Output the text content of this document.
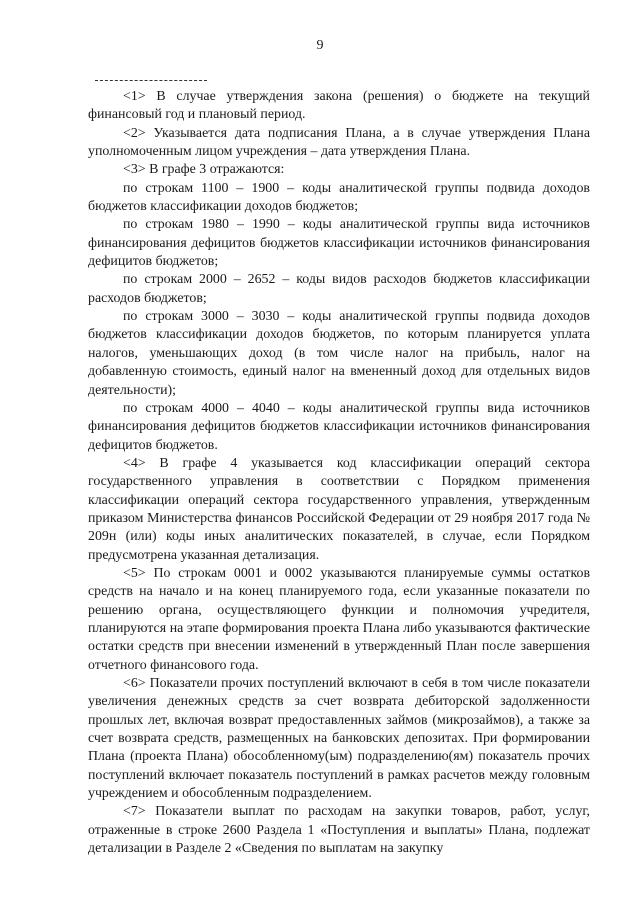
9

<1> В случае утверждения закона (решения) о бюджете на текущий финансовый год и плановый период.

<2> Указывается дата подписания Плана, а в случае утверждения Плана уполномоченным лицом учреждения – дата утверждения Плана.

<3> В графе 3 отражаются:

по строкам 1100 – 1900 – коды аналитической группы подвида доходов бюджетов классификации доходов бюджетов;

по строкам 1980 – 1990 – коды аналитической группы вида источников финансирования дефицитов бюджетов классификации источников финансирования дефицитов бюджетов;

по строкам 2000 – 2652 – коды видов расходов бюджетов классификации расходов бюджетов;

по строкам 3000 – 3030 – коды аналитической группы подвида доходов бюджетов классификации доходов бюджетов, по которым планируется уплата налогов, уменьшающих доход (в том числе налог на прибыль, налог на добавленную стоимость, единый налог на вмененный доход для отдельных видов деятельности);

по строкам 4000 – 4040 – коды аналитической группы вида источников финансирования дефицитов бюджетов классификации источников финансирования дефицитов бюджетов.

<4> В графе 4 указывается код классификации операций сектора государственного управления в соответствии с Порядком применения классификации операций сектора государственного управления, утвержденным приказом Министерства финансов Российской Федерации от 29 ноября 2017 года № 209н (или) коды иных аналитических показателей, в случае, если Порядком предусмотрена указанная детализация.

<5> По строкам 0001 и 0002 указываются планируемые суммы остатков средств на начало и на конец планируемого года, если указанные показатели по решению органа, осуществляющего функции и полномочия учредителя, планируются на этапе формирования проекта Плана либо указываются фактические остатки средств при внесении изменений в утвержденный План после завершения отчетного финансового года.

<6> Показатели прочих поступлений включают в себя в том числе показатели увеличения денежных средств за счет возврата дебиторской задолженности прошлых лет, включая возврат предоставленных займов (микрозаймов), а также за счет возврата средств, размещенных на банковских депозитах. При формировании Плана (проекта Плана) обособленному(ым) подразделению(ям) показатель прочих поступлений включает показатель поступлений в рамках расчетов между головным учреждением и обособленным подразделением.

<7> Показатели выплат по расходам на закупки товаров, работ, услуг, отраженные в строке 2600 Раздела 1 «Поступления и выплаты» Плана, подлежат детализации в Разделе 2 «Сведения по выплатам на закупку
